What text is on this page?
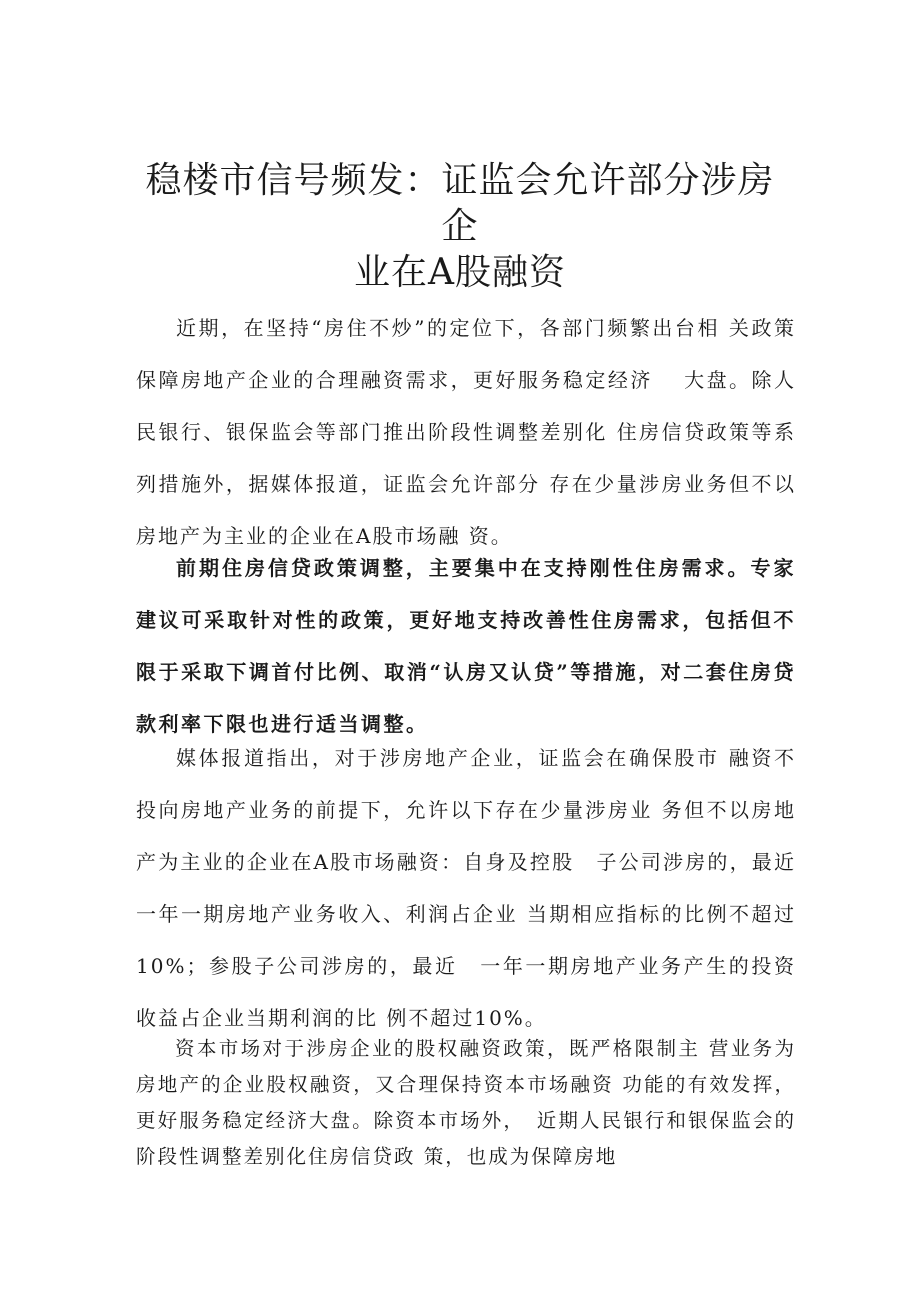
稳楼市信号频发：证监会允许部分涉房企
业在A股融资

近期，在坚持“房住不炒”的定位下，各部门频繁出台相 关政策保障房地产企业的合理融资需求，更好服务稳定经济　 大盘。除人民银行、银保监会等部门推出阶段性调整差别化 住房信贷政策等系列措施外，据媒体报道，证监会允许部分 存在少量涉房业务但不以房地产为主业的企业在A股市场融 资。

前期住房信贷政策调整，主要集中在支持刚性住房需求。专家建议可采取针对性的政策，更好地支持改善性住房需求，包括但不限于采取下调首付比例、取消“认房又认贷”等措施，对二套住房贷款利率下限也进行适当调整。

媒体报道指出，对于涉房地产企业，证监会在确保股市 融资不投向房地产业务的前提下，允许以下存在少量涉房业 务但不以房地产为主业的企业在A股市场融资：自身及控股　子公司涉房的，最近一年一期房地产业务收入、利润占企业 当期相应指标的比例不超过10%；参股子公司涉房的，最近　一年一期房地产业务产生的投资收益占企业当期利润的比 例不超过10%。

资本市场对于涉房企业的股权融资政策，既严格限制主 营业务为房地产的企业股权融资，又合理保持资本市场融资 功能的有效发挥，更好服务稳定经济大盘。除资本市场外，　近期人民银行和银保监会的阶段性调整差别化住房信贷政 策，也成为保障房地
